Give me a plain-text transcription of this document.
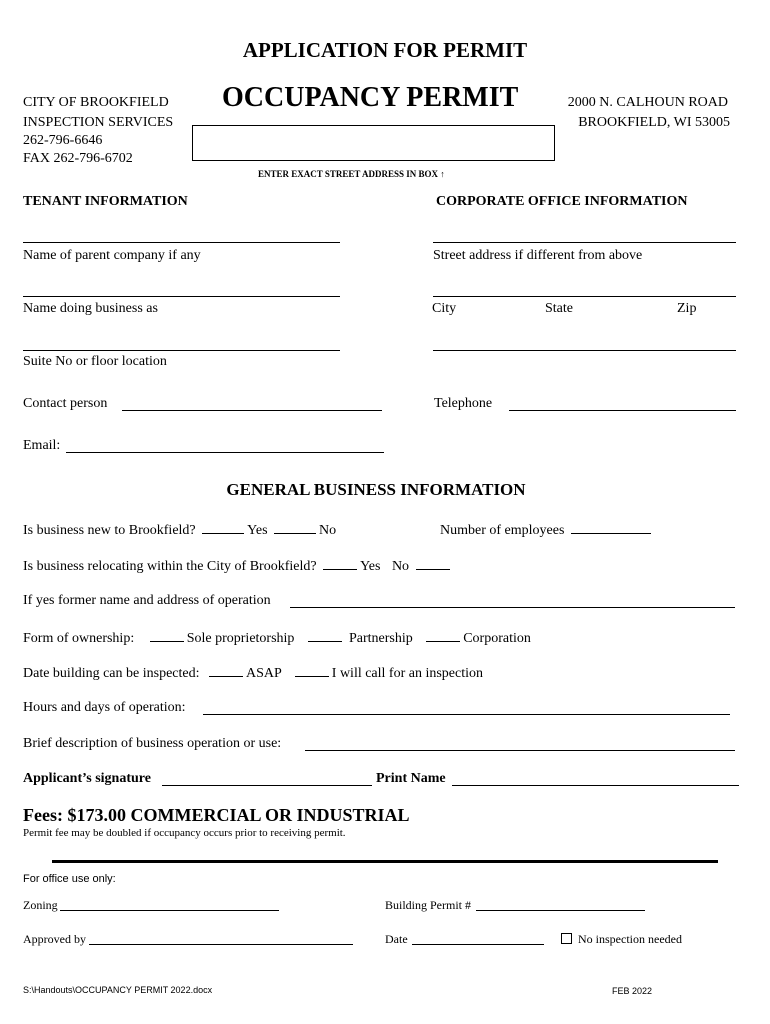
APPLICATION FOR PERMIT
OCCUPANCY PERMIT
CITY OF BROOKFIELD
INSPECTION SERVICES
262-796-6646
FAX 262-796-6702
2000 N. CALHOUN ROAD
BROOKFIELD, WI 53005
ENTER EXACT STREET ADDRESS IN BOX ↑
TENANT INFORMATION	CORPORATE OFFICE INFORMATION
Name of parent company if any	Street address if different from above
Name doing business as	City	State	Zip
Suite No or floor location
Contact person	Telephone
Email:
GENERAL BUSINESS INFORMATION
Is business new to Brookfield?	Yes	No	Number of employees
Is business relocating within the City of Brookfield?	Yes No
If yes former name and address of operation
Form of ownership:	Sole proprietorship	Partnership	Corporation
Date building can be inspected:	ASAP	I will call for an inspection
Hours and days of operation:
Brief description of business operation or use:
Applicant’s signature	Print Name
Fees: $173.00 COMMERCIAL OR INDUSTRIAL
Permit fee may be doubled if occupancy occurs prior to receiving permit.
For office use only:
Zoning	Building Permit #
Approved by	Date	No inspection needed
S:\Handouts\OCCUPANCY PERMIT 2022.docx	FEB 2022
